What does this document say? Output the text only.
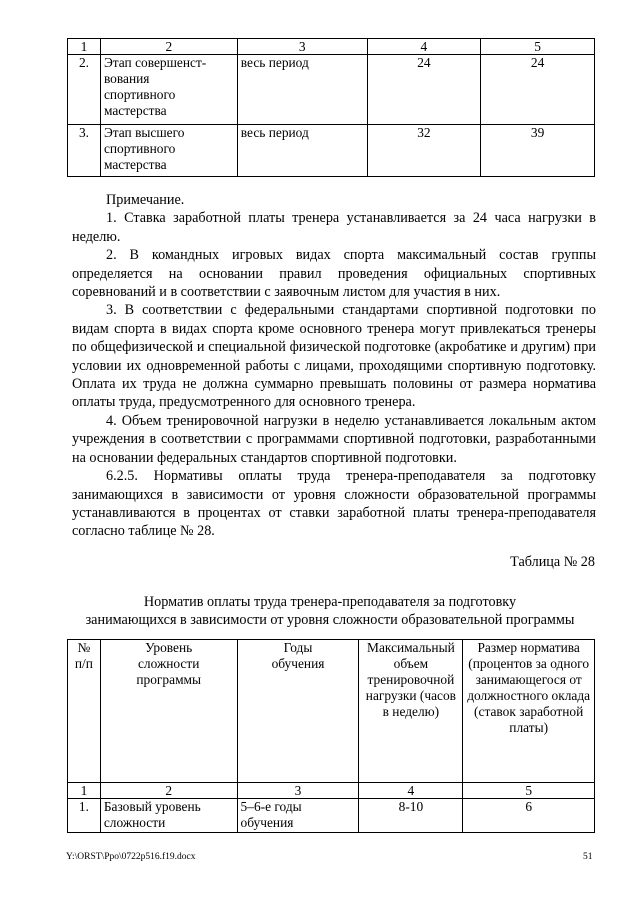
1	2	3	4	5
2.	Этап совершенст-вования спортивного мастерства	весь период	24	24
3.	Этап высшего спортивного мастерства	весь период	32	39

Примечание.

1. Ставка заработной платы тренера устанавливается за 24 часа нагрузки в неделю.

2. В командных игровых видах спорта максимальный состав группы определяется на основании правил проведения официальных спортивных соревнований и в соответствии с заявочным листом для участия в них.

3. В соответствии с федеральными стандартами спортивной подготовки по видам спорта в видах спорта кроме основного тренера могут привлекаться тренеры по общефизической и специальной физической подготовке (акробатике и другим) при условии их одновременной работы с лицами, проходящими спортивную подготовку. Оплата их труда не должна суммарно превышать половины от размера норматива оплаты труда, предусмотренного для основного тренера.

4. Объем тренировочной нагрузки в неделю устанавливается локальным актом учреждения в соответствии с программами спортивной подготовки, разработанными на основании федеральных стандартов спортивной подготовки.

6.2.5. Нормативы оплаты труда тренера-преподавателя за подготовку занимающихся в зависимости от уровня сложности образовательной программы устанавливаются в процентах от ставки заработной платы тренера-преподавателя согласно таблице № 28.

Таблица № 28
Норматив оплаты труда тренера-преподавателя за подготовку
занимающихся в зависимости от уровня сложности образовательной программы
№ п/п	Уровень сложности программы	Годы обучения	Максимальный объем тренировочной нагрузки (часов в неделю)	Размер норматива (процентов за одного занимающегося от должностного оклада (ставок заработной платы)
1	2	3	4	5
1.	Базовый уровень сложности	5–6-е годы обучения	8-10	6
Y:\ORST\Ppo\0722p516.f19.docx	51
